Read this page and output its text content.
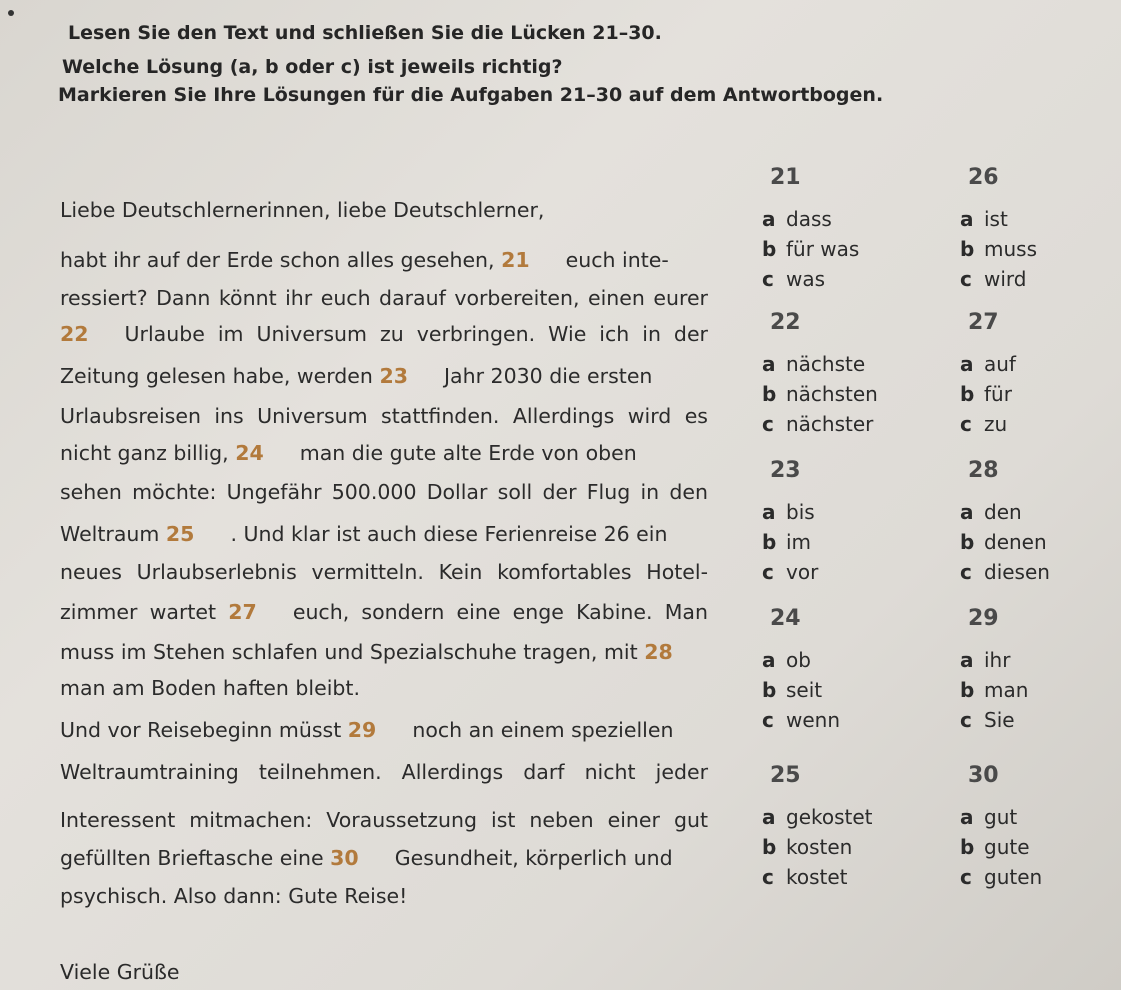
Lesen Sie den Text und schließen Sie die Lücken 21–30.
Welche Lösung (a, b oder c) ist jeweils richtig?
Markieren Sie Ihre Lösungen für die Aufgaben 21–30 auf dem Antwortbogen.
Liebe Deutschlernerinnen, liebe Deutschlerner,
habt ihr auf der Erde schon alles gesehen, 21 euch inte-
ressiert? Dann könnt ihr euch darauf vorbereiten, einen eurer
22 Urlaube im Universum zu verbringen. Wie ich in der
Zeitung gelesen habe, werden 23 Jahr 2030 die ersten
Urlaubsreisen ins Universum stattfinden. Allerdings wird es
nicht ganz billig, 24 man die gute alte Erde von oben
sehen möchte: Ungefähr 500.000 Dollar soll der Flug in den
Weltraum 25 . Und klar ist auch diese Ferienreise 26 ein
neues Urlaubserlebnis vermitteln. Kein komfortables Hotel-
zimmer wartet 27 euch, sondern eine enge Kabine. Man
muss im Stehen schlafen und Spezialschuhe tragen, mit 28
man am Boden haften bleibt.
Und vor Reisebeginn müsst 29 noch an einem speziellen
Weltraumtraining teilnehmen. Allerdings darf nicht jeder
Interessent mitmachen: Voraussetzung ist neben einer gut
gefüllten Brieftasche eine 30 Gesundheit, körperlich und
psychisch. Also dann: Gute Reise!
21
a dass
b für was
c was
22
a nächste
b nächsten
c nächster
23
a bis
b im
c vor
24
a ob
b seit
c wenn
25
a gekostet
b kosten
c kostet
26
a ist
b muss
c wird
27
a auf
b für
c zu
28
a den
b denen
c diesen
29
a ihr
b man
c Sie
30
a gut
b gute
c guten
Viele Grüße
